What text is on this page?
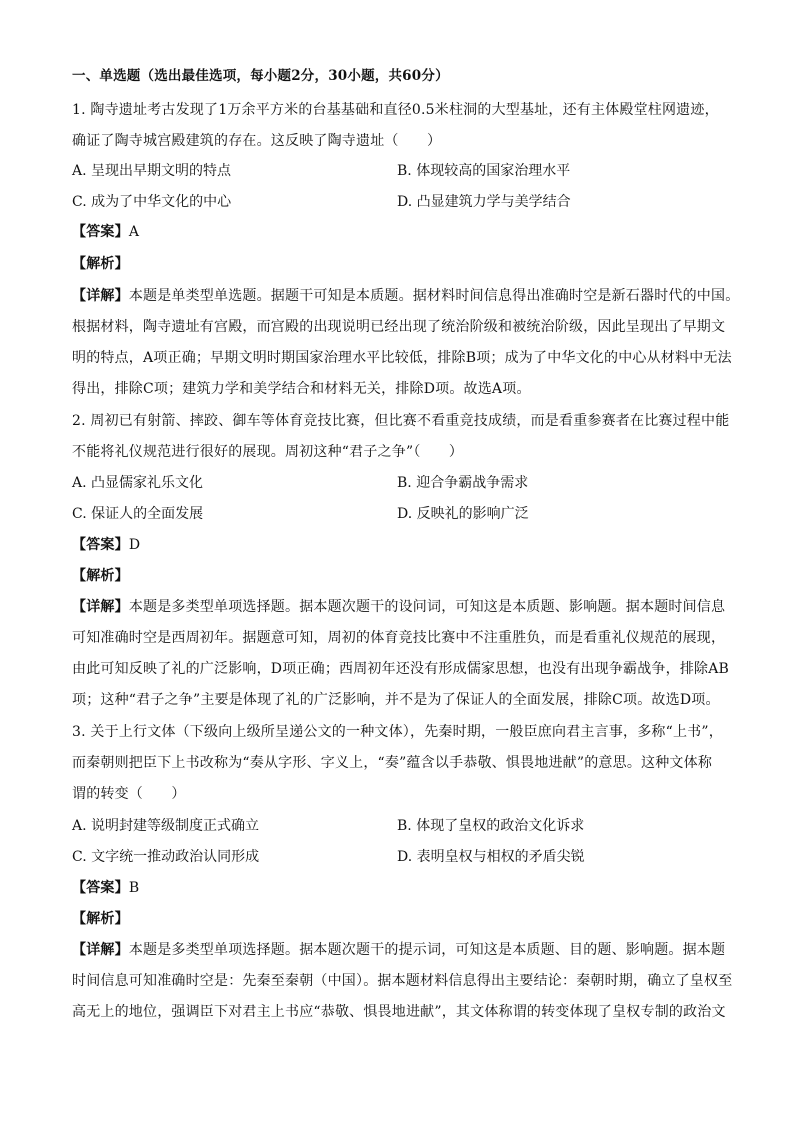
一、单选题（选出最佳选项，每小题2分，30小题，共60分）
1. 陶寺遗址考古发现了1万余平方米的台基基础和直径0.5米柱洞的大型基址，还有主体殿堂柱网遗迹，
确证了陶寺城宫殿建筑的存在。这反映了陶寺遗址（　　）
A. 呈现出早期文明的特点	B. 体现较高的国家治理水平
C. 成为了中华文化的中心	D. 凸显建筑力学与美学结合
【答案】A
【解析】
【详解】本题是单类型单选题。据题干可知是本质题。据材料时间信息得出准确时空是新石器时代的中国。
根据材料，陶寺遗址有宫殿，而宫殿的出现说明已经出现了统治阶级和被统治阶级，因此呈现出了早期文
明的特点，A项正确；早期文明时期国家治理水平比较低，排除B项；成为了中华文化的中心从材料中无法
得出，排除C项；建筑力学和美学结合和材料无关，排除D项。故选A项。
2. 周初已有射箭、摔跤、御车等体育竞技比赛，但比赛不看重竞技成绩，而是看重参赛者在比赛过程中能
不能将礼仪规范进行很好的展现。周初这种“君子之争”（　　）
A. 凸显儒家礼乐文化	B. 迎合争霸战争需求
C. 保证人的全面发展	D. 反映礼的影响广泛
【答案】D
【解析】
【详解】本题是多类型单项选择题。据本题次题干的设问词，可知这是本质题、影响题。据本题时间信息
可知准确时空是西周初年。据题意可知，周初的体育竞技比赛中不注重胜负，而是看重礼仪规范的展现，
由此可知反映了礼的广泛影响，D项正确；西周初年还没有形成儒家思想，也没有出现争霸战争，排除AB
项；这种“君子之争”主要是体现了礼的广泛影响，并不是为了保证人的全面发展，排除C项。故选D项。
3. 关于上行文体（下级向上级所呈递公文的一种文体），先秦时期，一般臣庶向君主言事，多称“上书”，
而秦朝则把臣下上书改称为“奏从字形、字义上，“奏”蕴含以手恭敬、惧畏地进献”的意思。这种文体称
谓的转变（　　）
A. 说明封建等级制度正式确立	B. 体现了皇权的政治文化诉求
C. 文字统一推动政治认同形成	D. 表明皇权与相权的矛盾尖锐
【答案】B
【解析】
【详解】本题是多类型单项选择题。据本题次题干的提示词，可知这是本质题、目的题、影响题。据本题
时间信息可知准确时空是：先秦至秦朝（中国）。据本题材料信息得出主要结论：秦朝时期，确立了皇权至
高无上的地位，强调臣下对君主上书应“恭敬、惧畏地进献”，其文体称谓的转变体现了皇权专制的政治文
